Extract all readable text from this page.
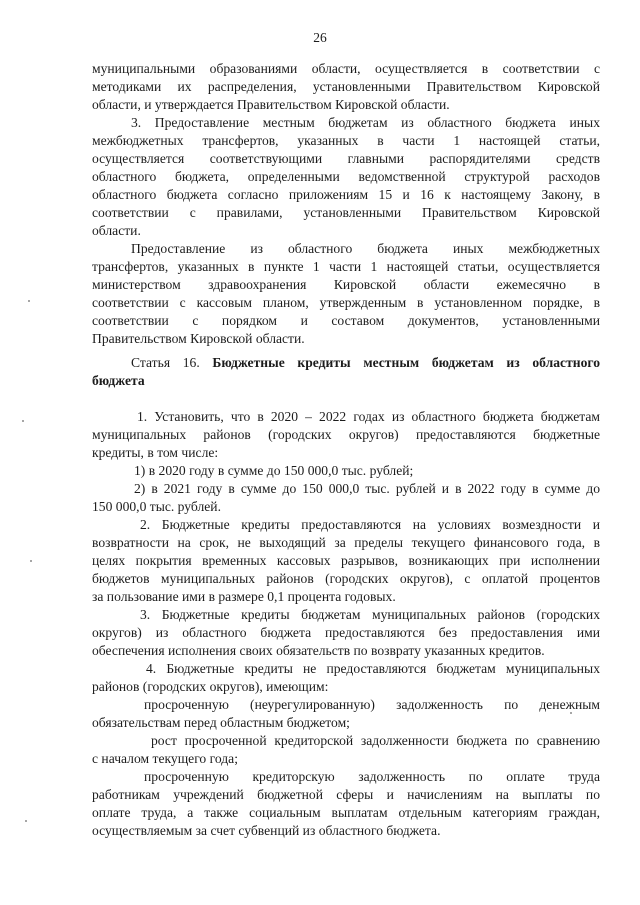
26
муниципальными образованиями области, осуществляется в соответствии с
методиками их распределения, установленными Правительством Кировской
области, и утверждается Правительством Кировской области.
3. Предоставление местным бюджетам из областного бюджета иных
межбюджетных трансфертов, указанных в части 1 настоящей статьи,
осуществляется соответствующими главными распорядителями средств
областного бюджета, определенными ведомственной структурой расходов
областного бюджета согласно приложениям 15 и 16 к настоящему Закону, в
соответствии с правилами, установленными Правительством Кировской
области.
Предоставление из областного бюджета иных межбюджетных
трансфертов, указанных в пункте 1 части 1 настоящей статьи, осуществляется
министерством здравоохранения Кировской области ежемесячно в
соответствии с кассовым планом, утвержденным в установленном порядке, в
соответствии с порядком и составом документов, установленными
Правительством Кировской области.
Статья 16. Бюджетные кредиты местным бюджетам из областного
бюджета
1. Установить, что в 2020 – 2022 годах из областного бюджета бюджетам
муниципальных районов (городских округов) предоставляются бюджетные
кредиты, в том числе:
1) в 2020 году в сумме до 150 000,0 тыс. рублей;
2) в 2021 году в сумме до 150 000,0 тыс. рублей и в 2022 году в сумме до
150 000,0 тыс. рублей.
2. Бюджетные кредиты предоставляются на условиях возмездности и
возвратности на срок, не выходящий за пределы текущего финансового года, в
целях покрытия временных кассовых разрывов, возникающих при исполнении
бюджетов муниципальных районов (городских округов), с оплатой процентов
за пользование ими в размере 0,1 процента годовых.
3. Бюджетные кредиты бюджетам муниципальных районов (городских
округов) из областного бюджета предоставляются без предоставления ими
обеспечения исполнения своих обязательств по возврату указанных кредитов.
4. Бюджетные кредиты не предоставляются бюджетам муниципальных
районов (городских округов), имеющим:
просроченную (неурегулированную) задолженность по денежным
обязательствам перед областным бюджетом;
рост просроченной кредиторской задолженности бюджета по сравнению
с началом текущего года;
просроченную кредиторскую задолженность по оплате труда
работникам учреждений бюджетной сферы и начислениям на выплаты по
оплате труда, а также социальным выплатам отдельным категориям граждан,
осуществляемым за счет субвенций из областного бюджета.
